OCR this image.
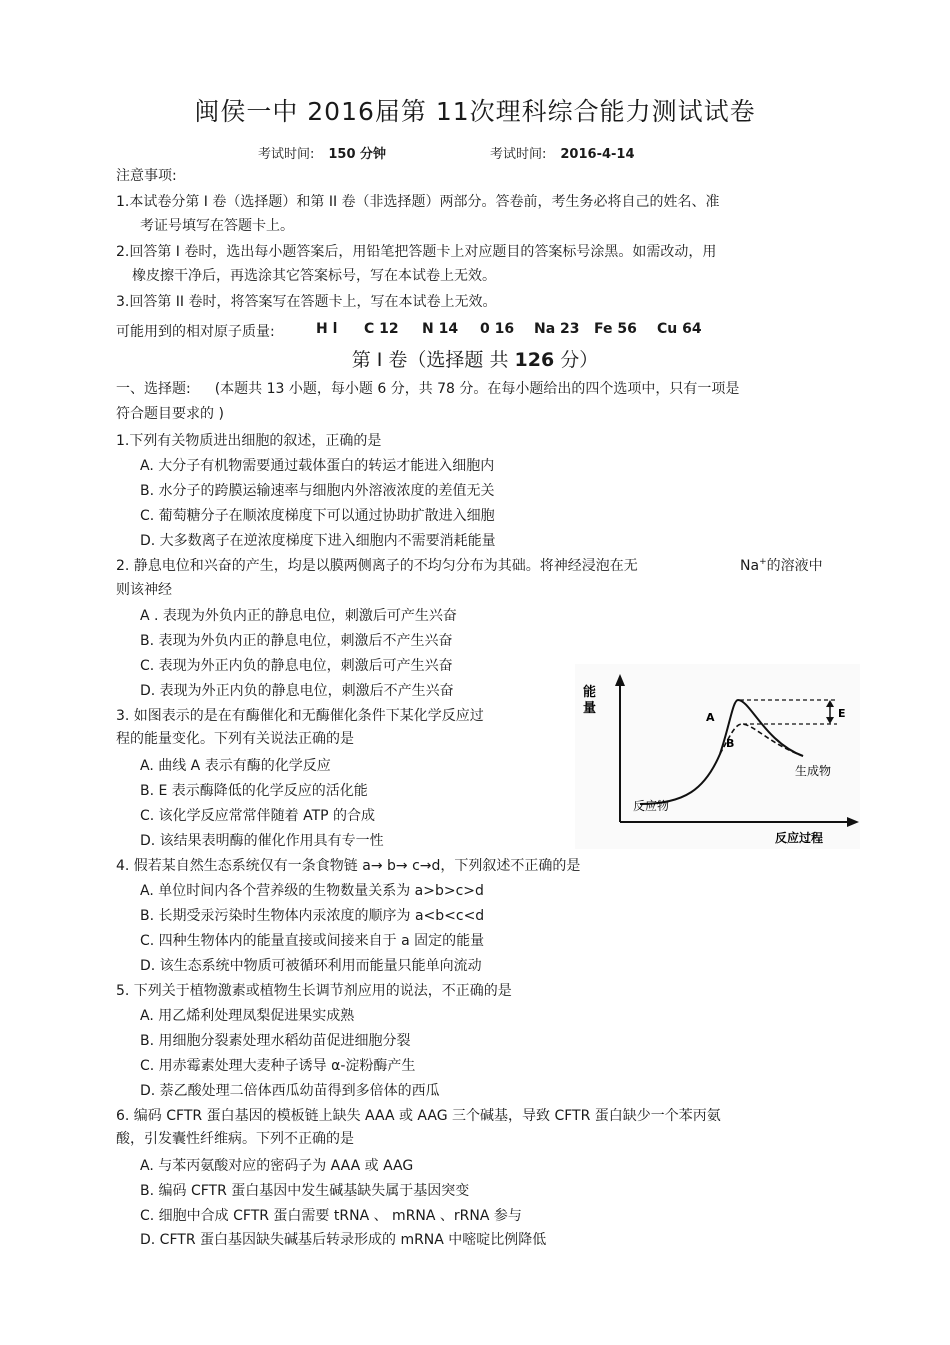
闽侯一中 2016届第 11次理科综合能力测试试卷
考试时间: 150 分钟	考试时间: 2016-4-14
注意事项:
1.本试卷分第 I 卷（选择题）和第 II 卷（非选择题）两部分。答卷前，考生务必将自己的姓名、准
考证号填写在答题卡上。
2.回答第 I 卷时，选出每小题答案后，用铅笔把答题卡上对应题目的答案标号涂黑。如需改动，用
橡皮擦干净后，再选涂其它答案标号，写在本试卷上无效。
3.回答第 II 卷时，将答案写在答题卡上，写在本试卷上无效。
可能用到的相对原子质量:	H l C 12 N 14 0 16 Na 23 Fe 56 Cu 64
第 I 卷（选择题 共 126 分）
一、选择题: (本题共 13 小题，每小题 6 分，共 78 分。在每小题给出的四个选项中，只有一项是
符合题目要求的 )
1.下列有关物质进出细胞的叙述，正确的是
A. 大分子有机物需要通过载体蛋白的转运才能进入细胞内
B. 水分子的跨膜运输速率与细胞内外溶液浓度的差值无关
C. 葡萄糖分子在顺浓度梯度下可以通过协助扩散进入细胞
D. 大多数离子在逆浓度梯度下进入细胞内不需要消耗能量
2. 静息电位和兴奋的产生，均是以膜两侧离子的不均匀分布为其础。将神经浸泡在无	Na+的溶液中
则该神经
A . 表现为外负内正的静息电位，刺激后可产生兴奋
B. 表现为外负内正的静息电位，刺激后不产生兴奋
C. 表现为外正内负的静息电位，刺激后可产生兴奋
D. 表现为外正内负的静息电位，刺激后不产生兴奋
3. 如图表示的是在有酶催化和无酶催化条件下某化学反应过
程的能量变化。下列有关说法正确的是
A. 曲线 A 表示有酶的化学反应
B. E 表示酶降低的化学反应的活化能
C. 该化学反应常常伴随着 ATP 的合成
D. 该结果表明酶的催化作用具有专一性
能
量
反应过程
E
A
B
反应物
生成物
4. 假若某自然生态系统仅有一条食物链 a→ b→ c→d，下列叙述不正确的是
A. 单位时间内各个营养级的生物数量关系为 a>b>c>d
B. 长期受汞污染时生物体内汞浓度的顺序为 a<b<c<d
C. 四种生物体内的能量直接或间接来自于 a 固定的能量
D. 该生态系统中物质可被循环利用而能量只能单向流动
5. 下列关于植物激素或植物生长调节剂应用的说法，不正确的是
A. 用乙烯利处理凤梨促进果实成熟
B. 用细胞分裂素处理水稻幼苗促进细胞分裂
C. 用赤霉素处理大麦种子诱导 α-淀粉酶产生
D. 萘乙酸处理二倍体西瓜幼苗得到多倍体的西瓜
6. 编码 CFTR 蛋白基因的模板链上缺失 AAA 或 AAG 三个碱基，导致 CFTR 蛋白缺少一个苯丙氨
酸，引发囊性纤维病。下列不正确的是
A. 与苯丙氨酸对应的密码子为 AAA 或 AAG
B. 编码 CFTR 蛋白基因中发生碱基缺失属于基因突变
C. 细胞中合成 CFTR 蛋白需要 tRNA 、 mRNA 、rRNA 参与
D. CFTR 蛋白基因缺失碱基后转录形成的 mRNA 中嘧啶比例降低
